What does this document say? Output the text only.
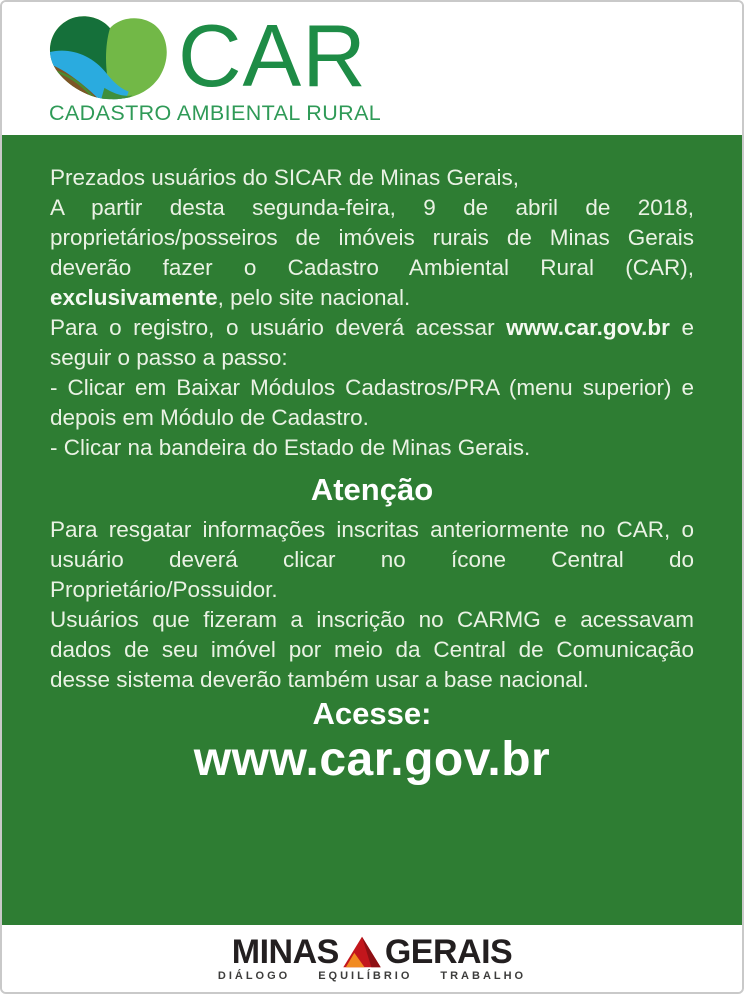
CAR
CADASTRO AMBIENTAL RURAL

Prezados usuários do SICAR de Minas Gerais,

A partir desta segunda-feira, 9 de abril de 2018, proprietários/posseiros de imóveis rurais de Minas Gerais deverão fazer o Cadastro Ambiental Rural (CAR), exclusivamente, pelo site nacional.

Para o registro, o usuário deverá acessar www.car.gov.br e seguir o passo a passo:

- Clicar em Baixar Módulos Cadastros/PRA (menu superior) e depois em Módulo de Cadastro.

- Clicar na bandeira do Estado de Minas Gerais.

Atenção

Para resgatar informações inscritas anteriormente no CAR, o usuário deverá clicar no ícone Central do Proprietário/Possuidor.

Usuários que fizeram a inscrição no CARMG e acessavam dados de seu imóvel por meio da Central de Comunicação desse sistema deverão também usar a base nacional.

Acesse:
www.car.gov.br
MINAS GERAIS
DIÁLOGO	EQUILÍBRIO	TRABALHO
